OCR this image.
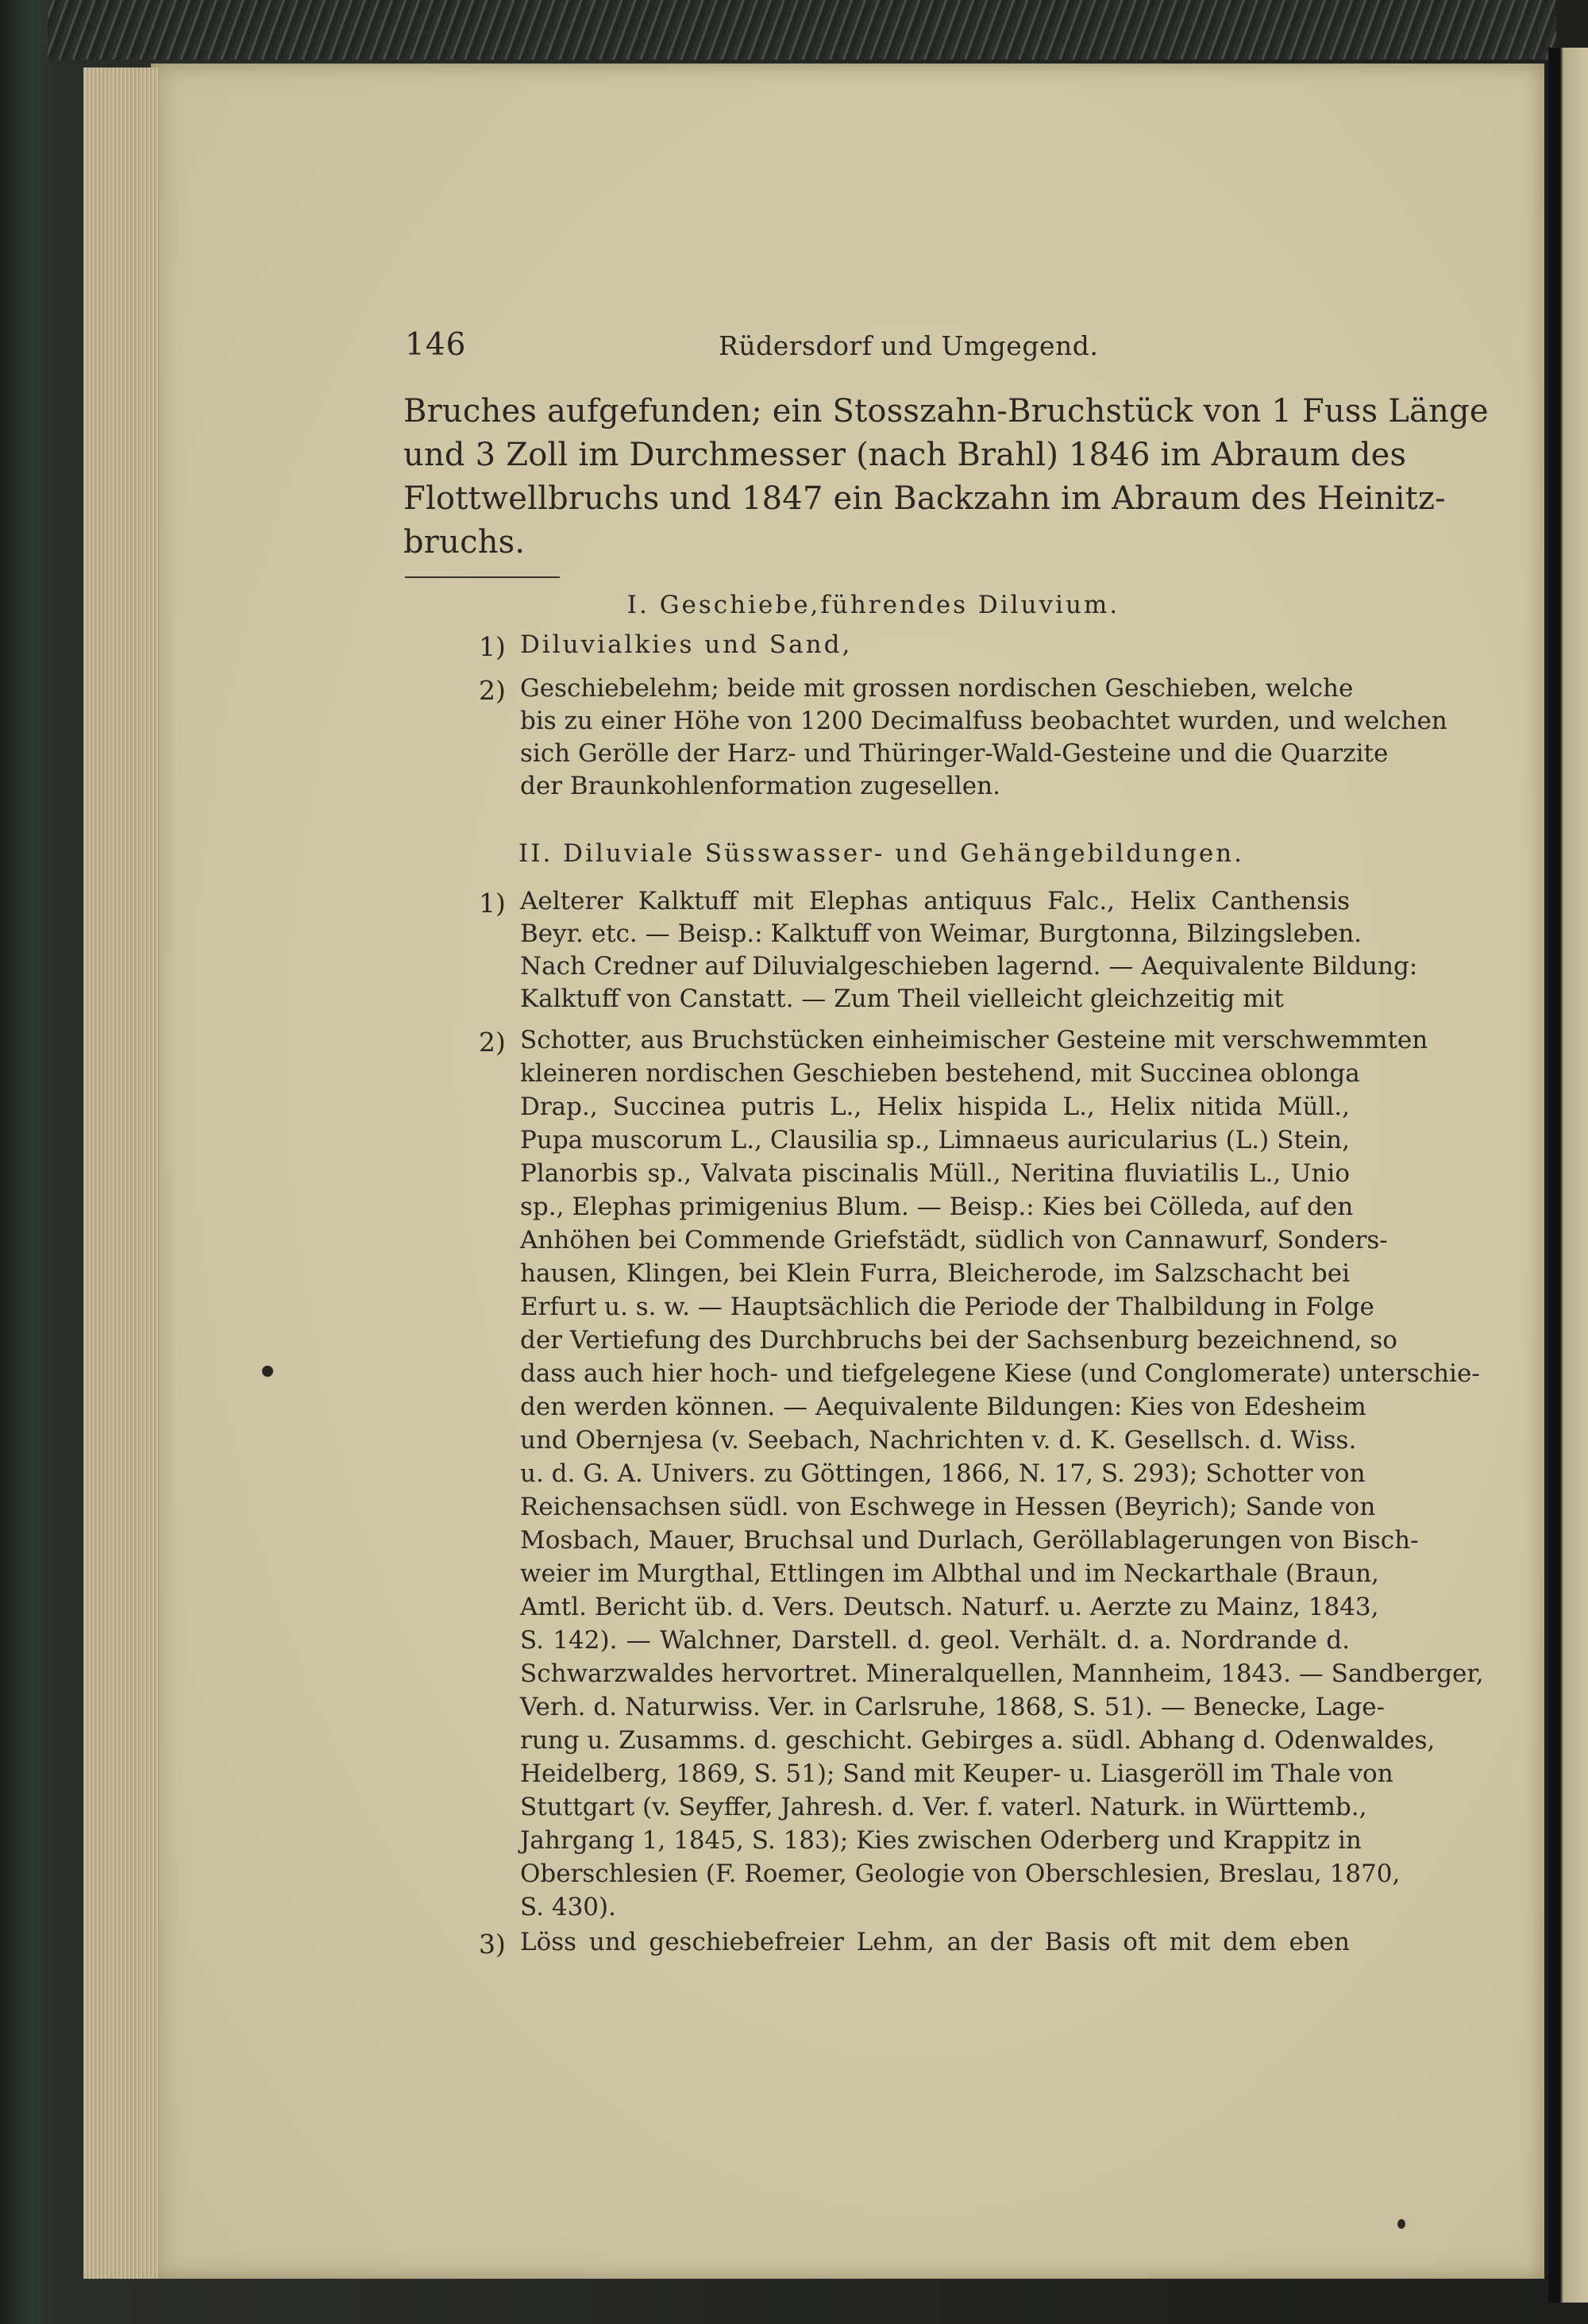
146	Rüdersdorf und Umgegend.
Bruches aufgefunden; ein Stosszahn-Bruchstück von 1 Fuss Länge
und 3 Zoll im Durchmesser (nach Brahl) 1846 im Abraum des
Flottwellbruchs und 1847 ein Backzahn im Abraum des Heinitz-
bruchs.
I. Geschiebe,führendes Diluvium.
1) Diluvialkies und Sand,
2) Geschiebelehm; beide mit grossen nordischen Geschieben, welche
bis zu einer Höhe von 1200 Decimalfuss beobachtet wurden, und welchen
sich Gerölle der Harz- und Thüringer-Wald-Gesteine und die Quarzite
der Braunkohlenformation zugesellen.
II. Diluviale Süsswasser- und Gehängebildungen.
1) Aelterer Kalktuff mit Elephas antiquus Falc., Helix Canthensis
Beyr. etc. — Beisp.: Kalktuff von Weimar, Burgtonna, Bilzingsleben.
Nach Credner auf Diluvialgeschieben lagernd. — Aequivalente Bildung:
Kalktuff von Canstatt. — Zum Theil vielleicht gleichzeitig mit
2) Schotter, aus Bruchstücken einheimischer Gesteine mit verschwemmten
kleineren nordischen Geschieben bestehend, mit Succinea oblonga
Drap., Succinea putris L., Helix hispida L., Helix nitida Müll.,
Pupa muscorum L., Clausilia sp., Limnaeus auricularius (L.) Stein,
Planorbis sp., Valvata piscinalis Müll., Neritina fluviatilis L., Unio
sp., Elephas primigenius Blum. — Beisp.: Kies bei Cölleda, auf den
Anhöhen bei Commende Griefstädt, südlich von Cannawurf, Sonders-
hausen, Klingen, bei Klein Furra, Bleicherode, im Salzschacht bei
Erfurt u. s. w. — Hauptsächlich die Periode der Thalbildung in Folge
der Vertiefung des Durchbruchs bei der Sachsenburg bezeichnend, so
dass auch hier hoch- und tiefgelegene Kiese (und Conglomerate) unterschie-
den werden können. — Aequivalente Bildungen: Kies von Edesheim
und Obernjesa (v. Seebach, Nachrichten v. d. K. Gesellsch. d. Wiss.
u. d. G. A. Univers. zu Göttingen, 1866, N. 17, S. 293); Schotter von
Reichensachsen südl. von Eschwege in Hessen (Beyrich); Sande von
Mosbach, Mauer, Bruchsal und Durlach, Geröllablagerungen von Bisch-
weier im Murgthal, Ettlingen im Albthal und im Neckarthale (Braun,
Amtl. Bericht üb. d. Vers. Deutsch. Naturf. u. Aerzte zu Mainz, 1843,
S. 142). — Walchner, Darstell. d. geol. Verhält. d. a. Nordrande d.
Schwarzwaldes hervortret. Mineralquellen, Mannheim, 1843. — Sandberger,
Verh. d. Naturwiss. Ver. in Carlsruhe, 1868, S. 51). — Benecke, Lage-
rung u. Zusamms. d. geschicht. Gebirges a. südl. Abhang d. Odenwaldes,
Heidelberg, 1869, S. 51); Sand mit Keuper- u. Liasgeröll im Thale von
Stuttgart (v. Seyffer, Jahresh. d. Ver. f. vaterl. Naturk. in Württemb.,
Jahrgang 1, 1845, S. 183); Kies zwischen Oderberg und Krappitz in
Oberschlesien (F. Roemer, Geologie von Oberschlesien, Breslau, 1870,
S. 430).
3) Löss und geschiebefreier Lehm, an der Basis oft mit dem eben
